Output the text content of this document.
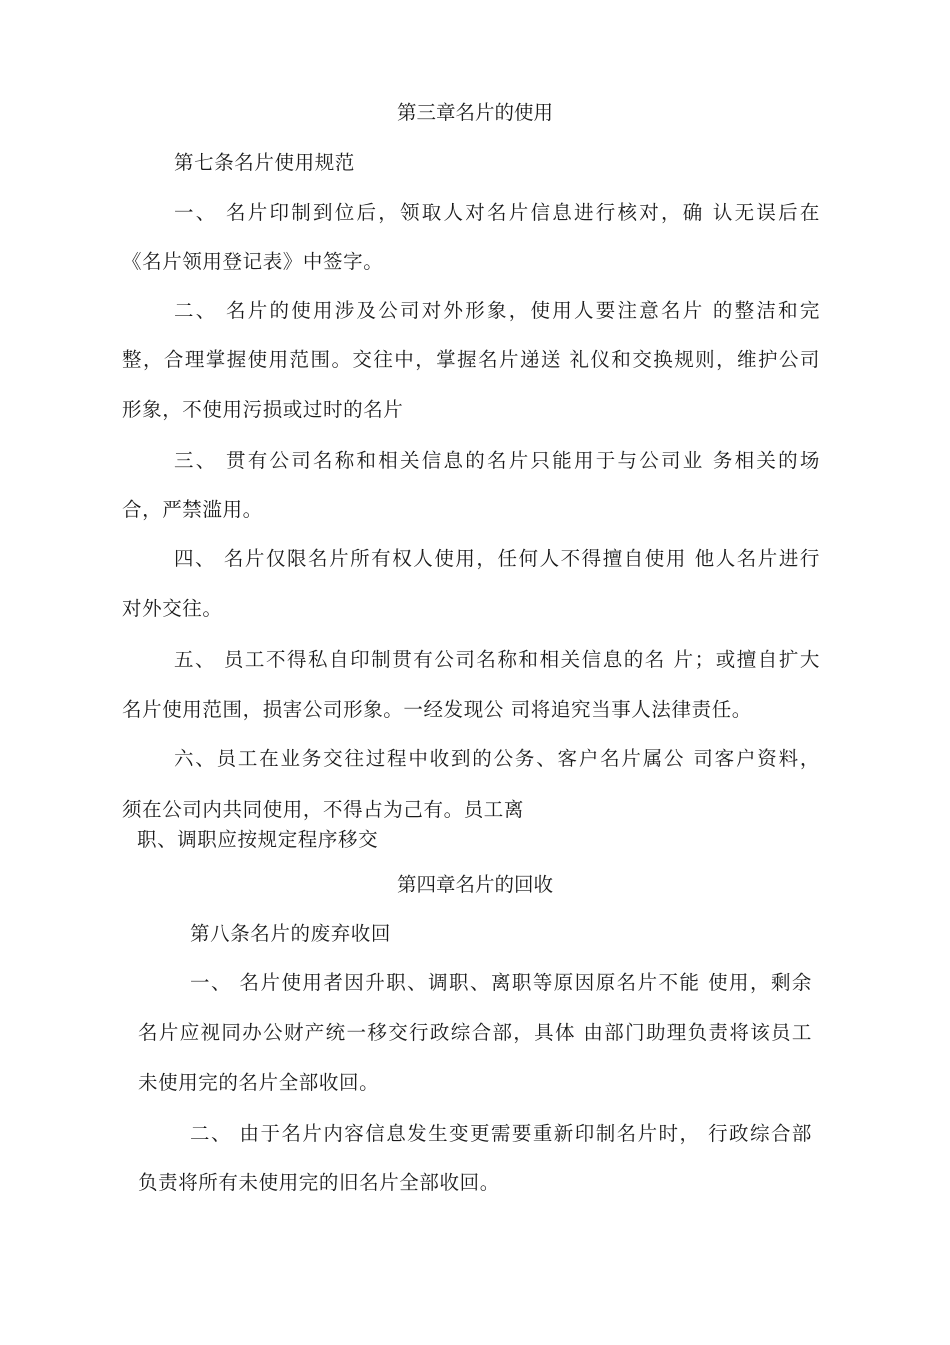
第三章名片的使用
第七条名片使用规范
一、 名片印制到位后，领取人对名片信息进行核对，确 认无误后在
《名片领用登记表》中签字。
二、 名片的使用涉及公司对外形象，使用人要注意名片 的整洁和完
整，合理掌握使用范围。交往中，掌握名片递送 礼仪和交换规则，维护公司
形象，不使用污损或过时的名片
三、 贯有公司名称和相关信息的名片只能用于与公司业 务相关的场
合，严禁滥用。
四、 名片仅限名片所有权人使用，任何人不得擅自使用 他人名片进行
对外交往。
五、 员工不得私自印制贯有公司名称和相关信息的名 片；或擅自扩大
名片使用范围，损害公司形象。一经发现公 司将追究当事人法律责任。
六、员工在业务交往过程中收到的公务、客户名片属公 司客户资料，
须在公司内共同使用，不得占为己有。员工离
职、调职应按规定程序移交
第四章名片的回收
第八条名片的废弃收回
一、 名片使用者因升职、调职、离职等原因原名片不能 使用，剩余
名片应视同办公财产统一移交行政综合部，具体 由部门助理负责将该员工
未使用完的名片全部收回。
二、 由于名片内容信息发生变更需要重新印制名片时， 行政综合部
负责将所有未使用完的旧名片全部收回。
